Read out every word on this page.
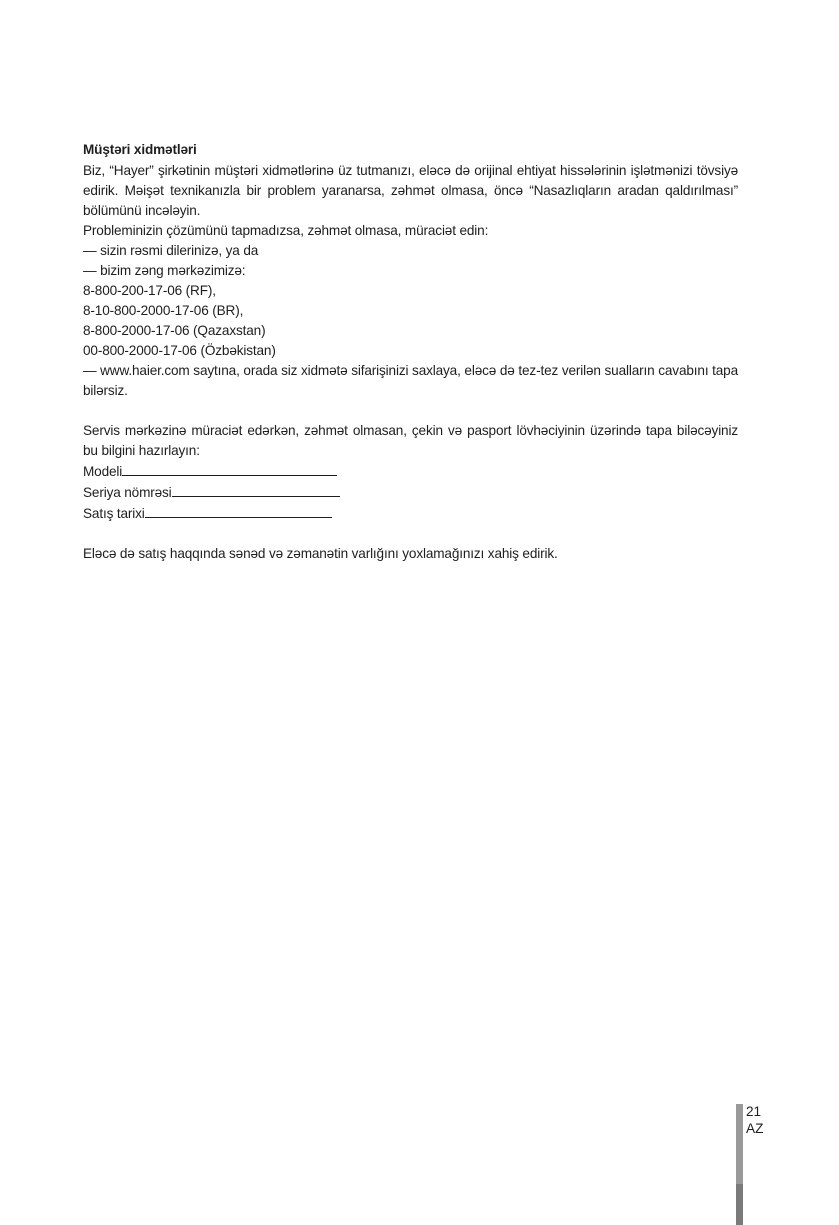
Müştəri xidmətləri

Biz, “Hayer” şirkətinin müştəri xidmətlərinə üz tutmanızı, eləcə də orijinal ehtiyat hissələrinin işlətmənizi tövsiyə edirik. Məişət texnikanızla bir problem yaranarsa, zəhmət olmasa, öncə “Nasazlıqların aradan qaldırılması” bölümünü incələyin.

Probleminizin çözümünü tapmadızsa, zəhmət olmasa, müraciət edin:

— sizin rəsmi dilerinizə, ya da

— bizim zəng mərkəzimizə:

8-800-200-17-06 (RF),

8-10-800-2000-17-06 (BR),

8-800-2000-17-06 (Qazaxstan)

00-800-2000-17-06 (Özbəkistan)

— www.haier.com saytına, orada siz xidmətə sifarişinizi saxlaya, eləcə də tez-tez verilən sualların cavabını tapa bilərsiz.

Servis mərkəzinə müraciət edərkən, zəhmət olmasan, çekin və pasport lövhəciyinin üzərində tapa biləcəyiniz bu bilgini hazırlayın:

Modeli

Seriya nömrəsi

Satış tarixi

Eləcə də satış haqqında sənəd və zəmanətin varlığını yoxlamağınızı xahiş edirik.

21
AZ
